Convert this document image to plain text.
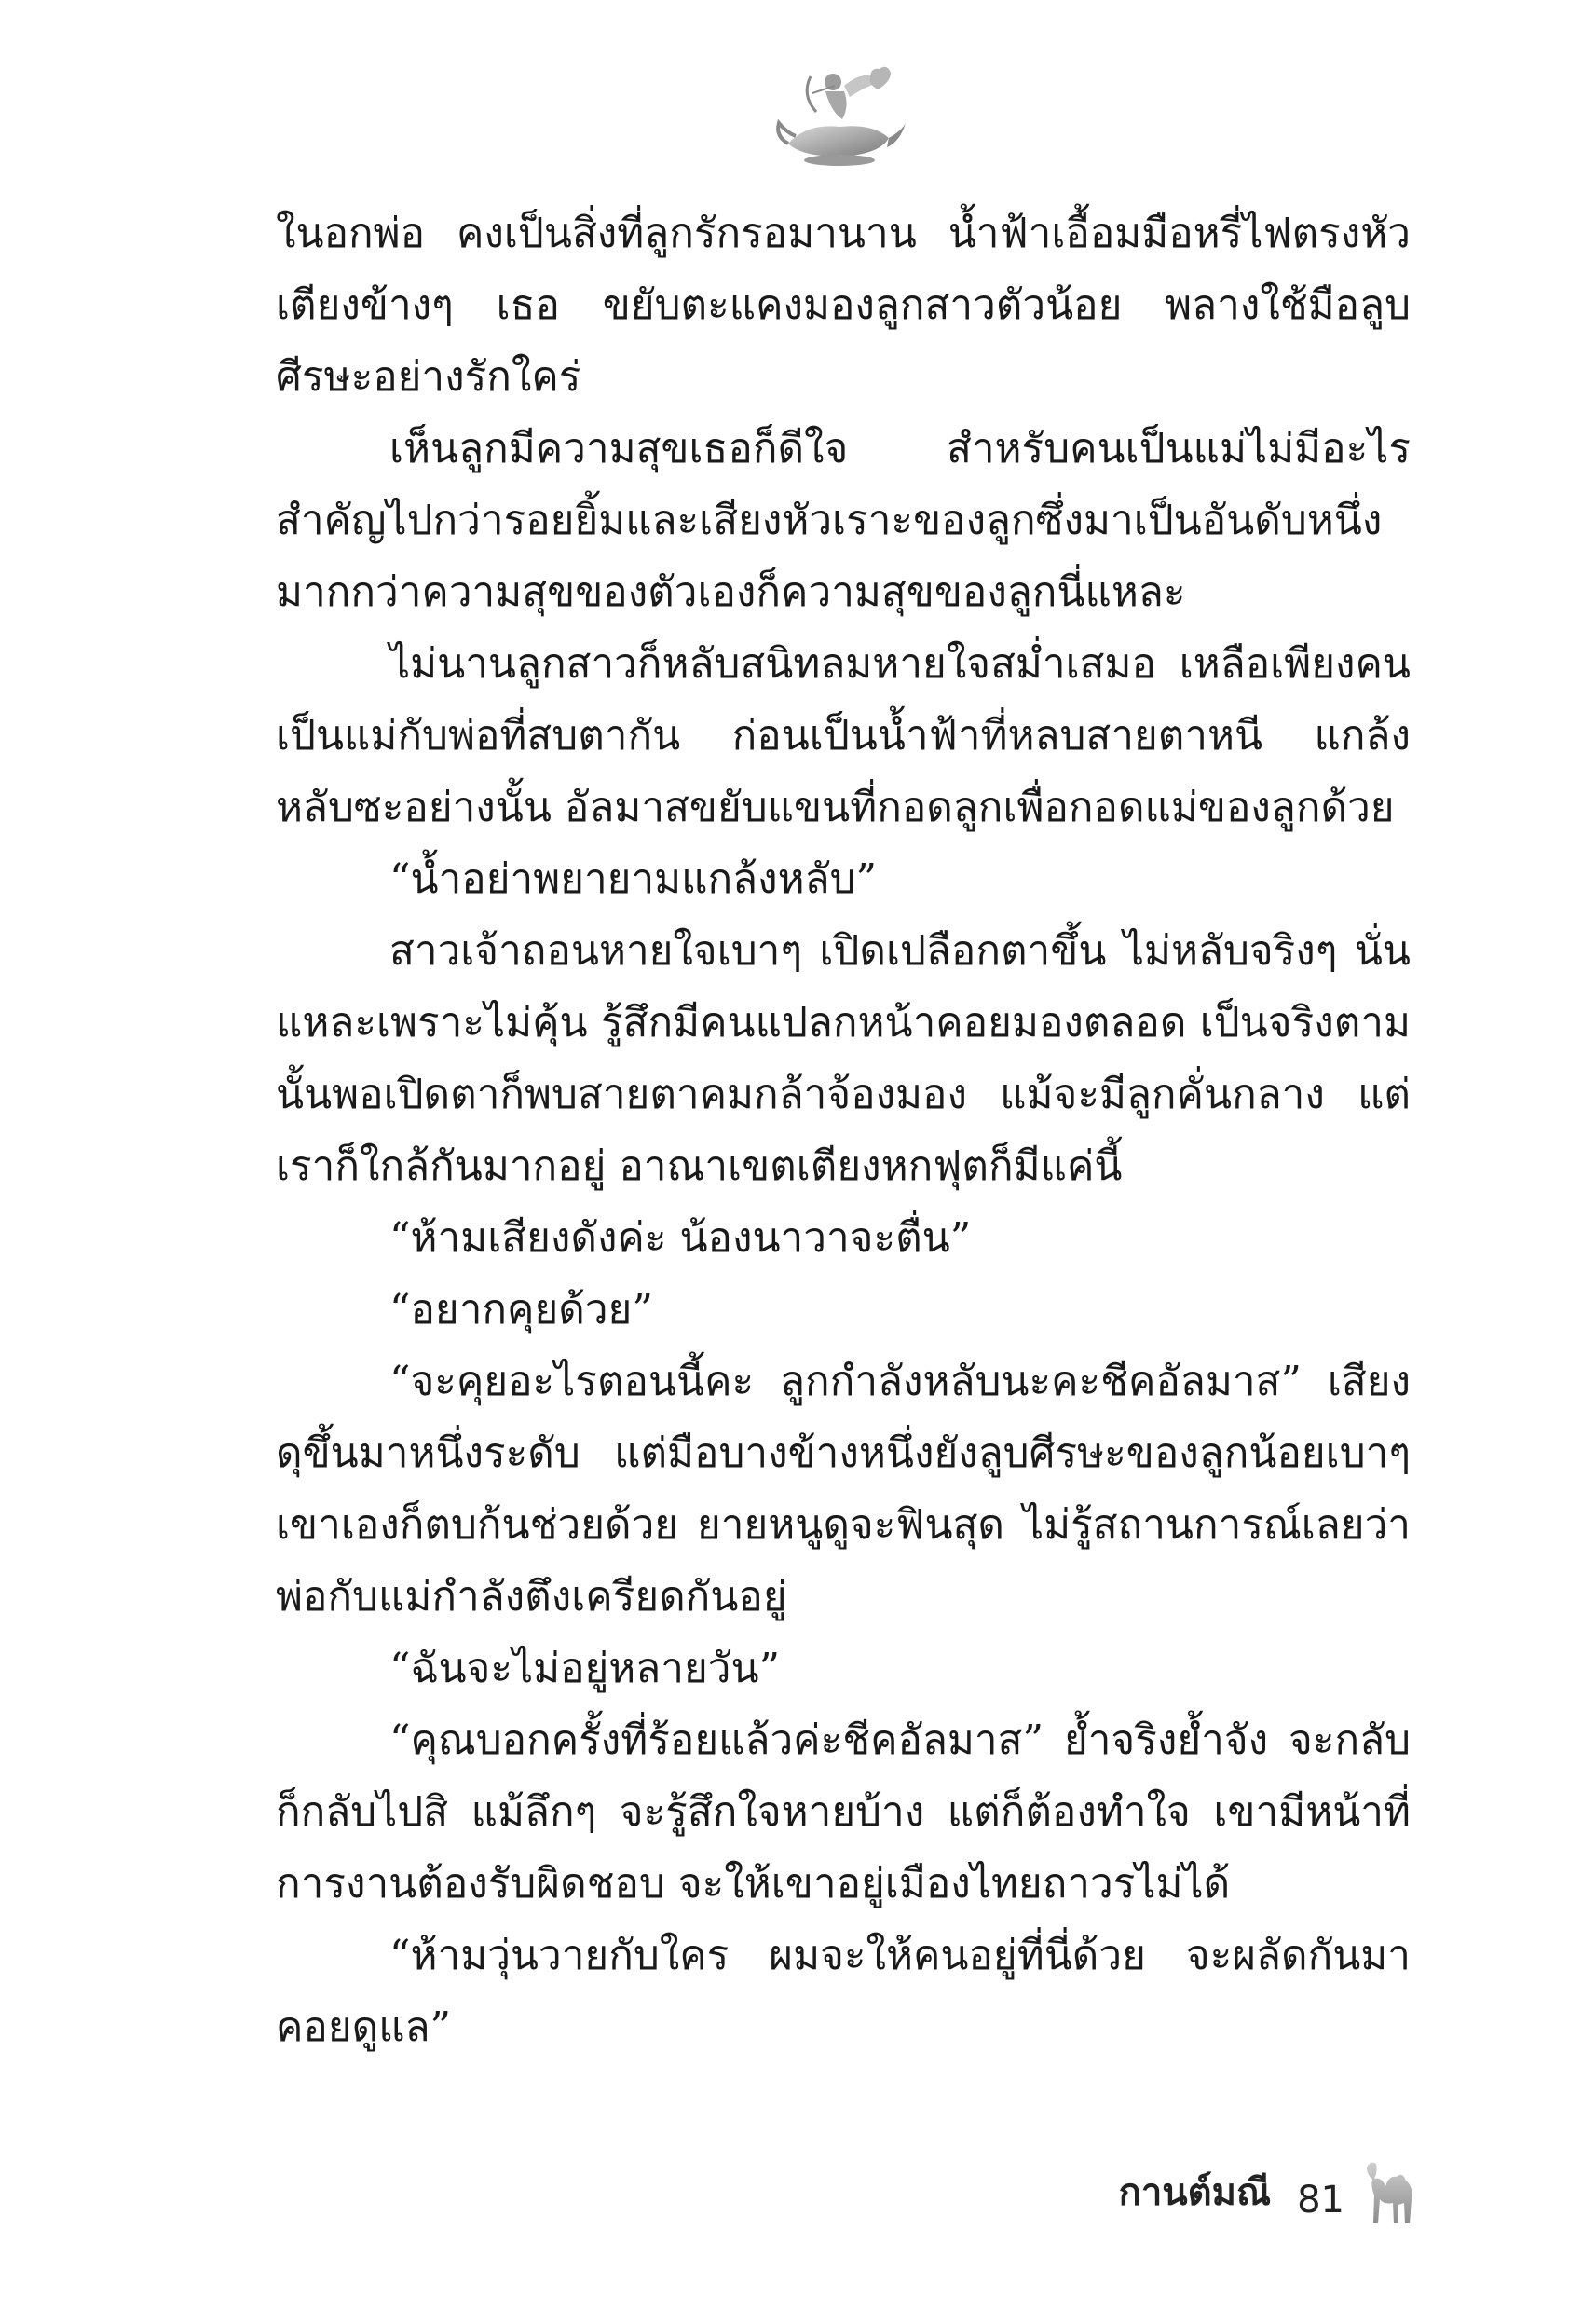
ในอกพ่อ คงเป็นสิ่งที่ลูกรักรอมานาน น้ำฟ้าเอื้อมมือหรี่ไฟตรงหัวเตียงข้างๆ เธอ ขยับตะแคงมองลูกสาวตัวน้อย พลางใช้มือลูบศีรษะอย่างรักใคร่

เห็นลูกมีความสุขเธอก็ดีใจ สำหรับคนเป็นแม่ไม่มีอะไรสำคัญไปกว่ารอยยิ้มและเสียงหัวเราะของลูกซึ่งมาเป็นอันดับหนึ่ง มากกว่าความสุขของตัวเองก็ความสุขของลูกนี่แหละ

ไม่นานลูกสาวก็หลับสนิทลมหายใจสม่ำเสมอ เหลือเพียงคนเป็นแม่กับพ่อที่สบตากัน ก่อนเป็นน้ำฟ้าที่หลบสายตาหนี แกล้งหลับซะอย่างนั้น อัลมาสขยับแขนที่กอดลูกเพื่อกอดแม่ของลูกด้วย

“น้ำอย่าพยายามแกล้งหลับ”

สาวเจ้าถอนหายใจเบาๆ เปิดเปลือกตาขึ้น ไม่หลับจริงๆ นั่นแหละเพราะไม่คุ้น รู้สึกมีคนแปลกหน้าคอยมองตลอด เป็นจริงตามนั้นพอเปิดตาก็พบสายตาคมกล้าจ้องมอง แม้จะมีลูกคั่นกลาง แต่เราก็ใกล้กันมากอยู่ อาณาเขตเตียงหกฟุตก็มีแค่นี้

“ห้ามเสียงดังค่ะ น้องนาวาจะตื่น”

“อยากคุยด้วย”

“จะคุยอะไรตอนนี้คะ ลูกกำลังหลับนะคะชีคอัลมาส” เสียงดุขึ้นมาหนึ่งระดับ แต่มือบางข้างหนึ่งยังลูบศีรษะของลูกน้อยเบาๆ เขาเองก็ตบก้นช่วยด้วย ยายหนูดูจะฟินสุด ไม่รู้สถานการณ์เลยว่าพ่อกับแม่กำลังตึงเครียดกันอยู่

“ฉันจะไม่อยู่หลายวัน”

“คุณบอกครั้งที่ร้อยแล้วค่ะชีคอัลมาส” ย้ำจริงย้ำจัง จะกลับก็กลับไปสิ แม้ลึกๆ จะรู้สึกใจหายบ้าง แต่ก็ต้องทำใจ เขามีหน้าที่การงานต้องรับผิดชอบ จะให้เขาอยู่เมืองไทยถาวรไม่ได้

“ห้ามวุ่นวายกับใคร ผมจะให้คนอยู่ที่นี่ด้วย จะผลัดกันมาคอยดูแล”

กานต์มณี 81
